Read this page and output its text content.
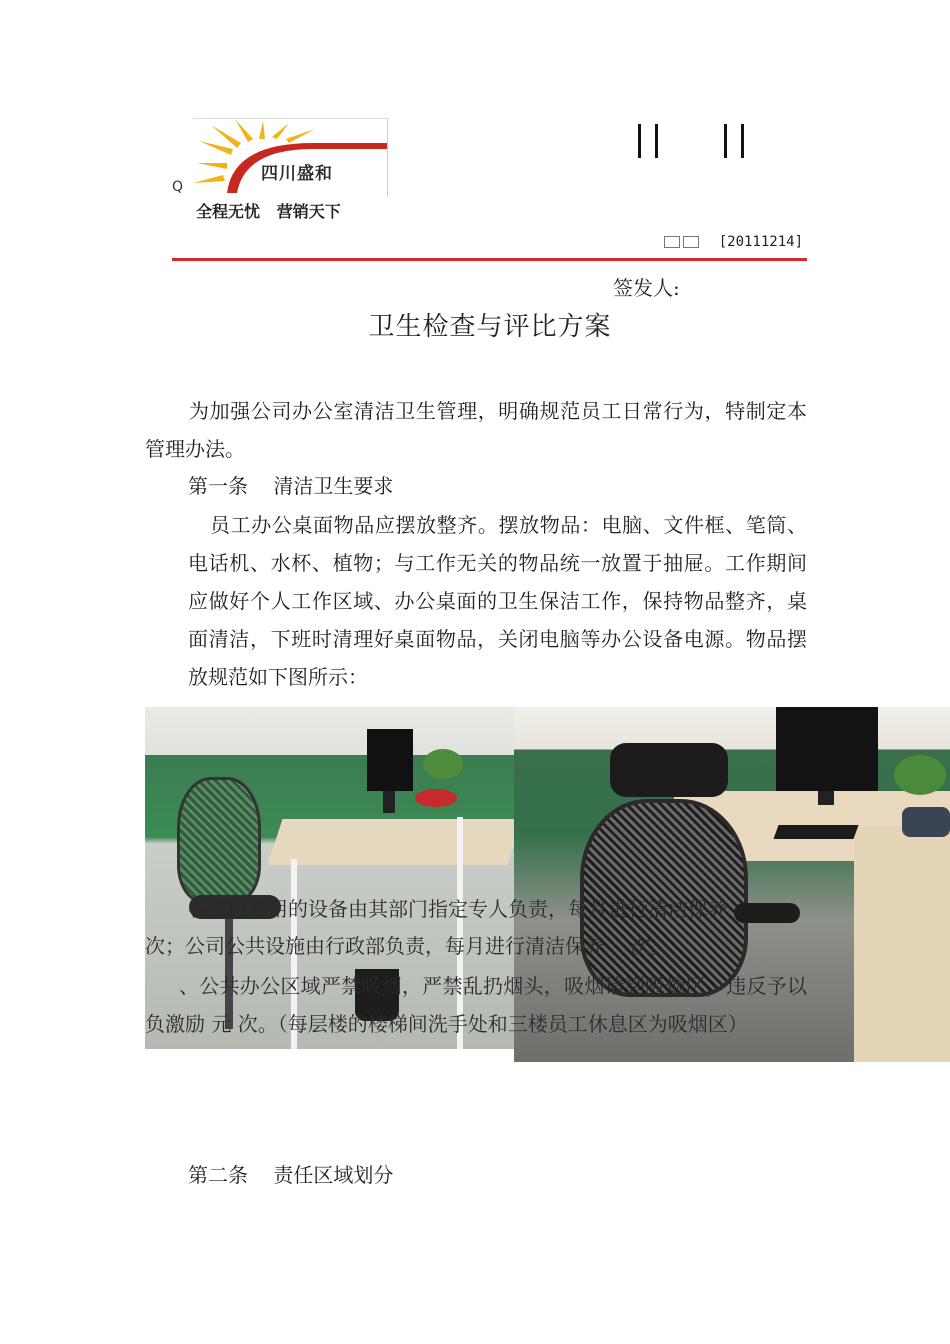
Q
四川盛和
全程无忧   营销天下

[20111214]

签发人:
卫生检查与评比方案
为加强公司办公室清洁卫生管理，明确规范员工日常行为，特制定本管理办法。
第一条    清洁卫生要求
员工办公桌面物品应摆放整齐。摆放物品：电脑、文件框、笔筒、电话机、水杯、植物；与工作无关的物品统一放置于抽屉。工作期间应做好个人工作区域、办公桌面的卫生保洁工作，保持物品整齐，桌面清洁，下班时清理好桌面物品，关闭电脑等办公设备电源。物品摆放规范如下图所示：
各部门专用的设备由其部门指定专人负责，每月进行清洁保养
次；公司公共设施由行政部负责，每月进行清洁保养    次。
、公共办公区域严禁吸烟，严禁乱扔烟头，吸烟请到吸烟区，违反予以负激励 元 次。（每层楼的楼梯间洗手处和三楼员工休息区为吸烟区）
第二条    责任区域划分
